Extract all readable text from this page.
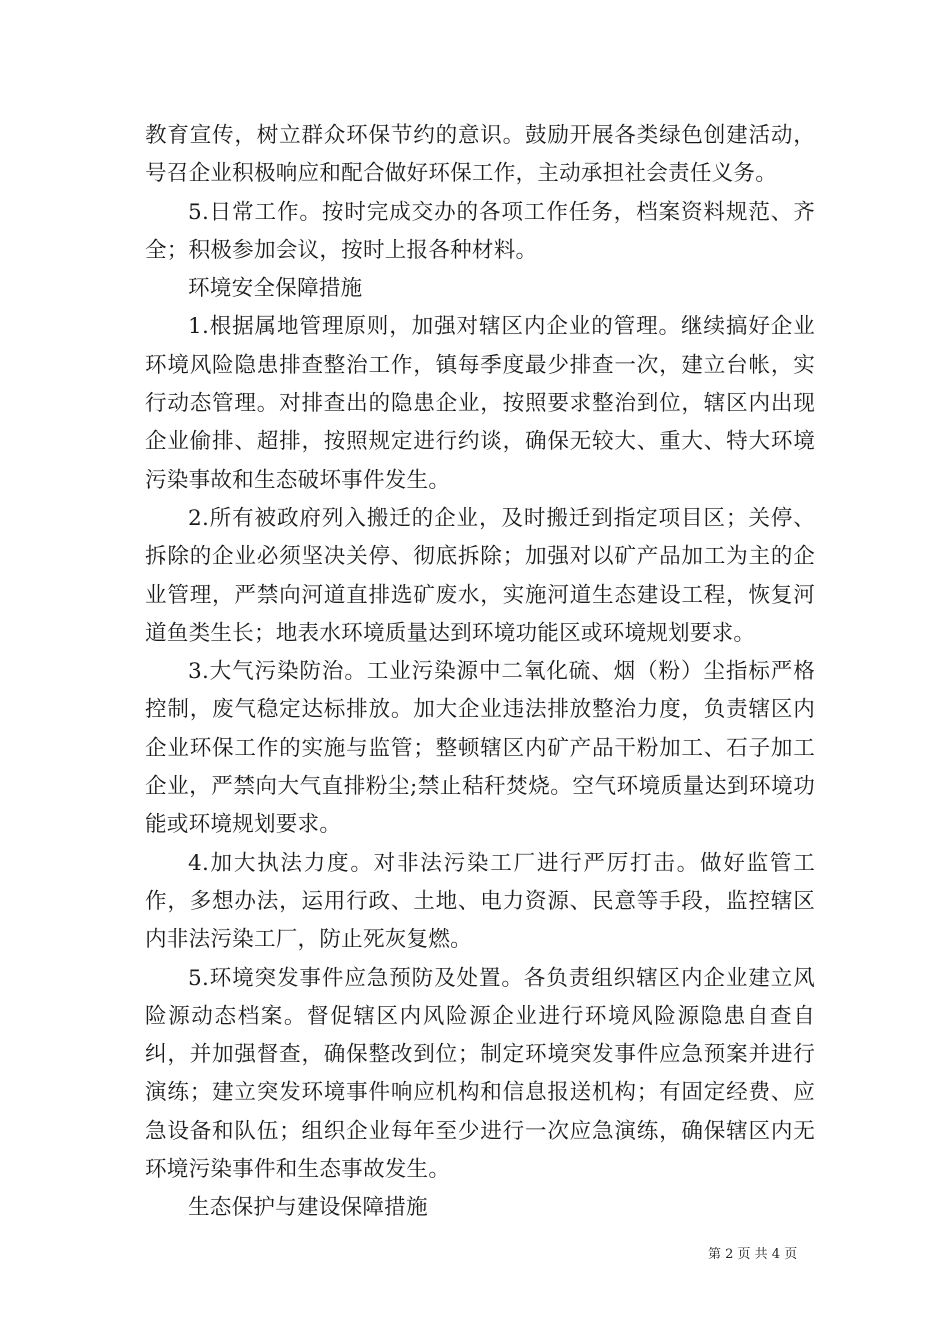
教育宣传，树立群众环保节约的意识。鼓励开展各类绿色创建活动，号召企业积极响应和配合做好环保工作，主动承担社会责任义务。

5.日常工作。按时完成交办的各项工作任务，档案资料规范、齐全；积极参加会议，按时上报各种材料。

环境安全保障措施

1.根据属地管理原则，加强对辖区内企业的管理。继续搞好企业环境风险隐患排查整治工作，镇每季度最少排查一次，建立台帐，实行动态管理。对排查出的隐患企业，按照要求整治到位，辖区内出现企业偷排、超排，按照规定进行约谈，确保无较大、重大、特大环境污染事故和生态破坏事件发生。

2.所有被政府列入搬迁的企业，及时搬迁到指定项目区；关停、拆除的企业必须坚决关停、彻底拆除；加强对以矿产品加工为主的企业管理，严禁向河道直排选矿废水，实施河道生态建设工程，恢复河道鱼类生长；地表水环境质量达到环境功能区或环境规划要求。

3.大气污染防治。工业污染源中二氧化硫、烟（粉）尘指标严格控制，废气稳定达标排放。加大企业违法排放整治力度，负责辖区内企业环保工作的实施与监管；整顿辖区内矿产品干粉加工、石子加工企业，严禁向大气直排粉尘;禁止秸秆焚烧。空气环境质量达到环境功能或环境规划要求。

4.加大执法力度。对非法污染工厂进行严厉打击。做好监管工作，多想办法，运用行政、土地、电力资源、民意等手段，监控辖区内非法污染工厂，防止死灰复燃。

5.环境突发事件应急预防及处置。各负责组织辖区内企业建立风险源动态档案。督促辖区内风险源企业进行环境风险源隐患自查自纠，并加强督查，确保整改到位；制定环境突发事件应急预案并进行演练；建立突发环境事件响应机构和信息报送机构；有固定经费、应急设备和队伍；组织企业每年至少进行一次应急演练，确保辖区内无环境污染事件和生态事故发生。

生态保护与建设保障措施

第 2 页 共 4 页
